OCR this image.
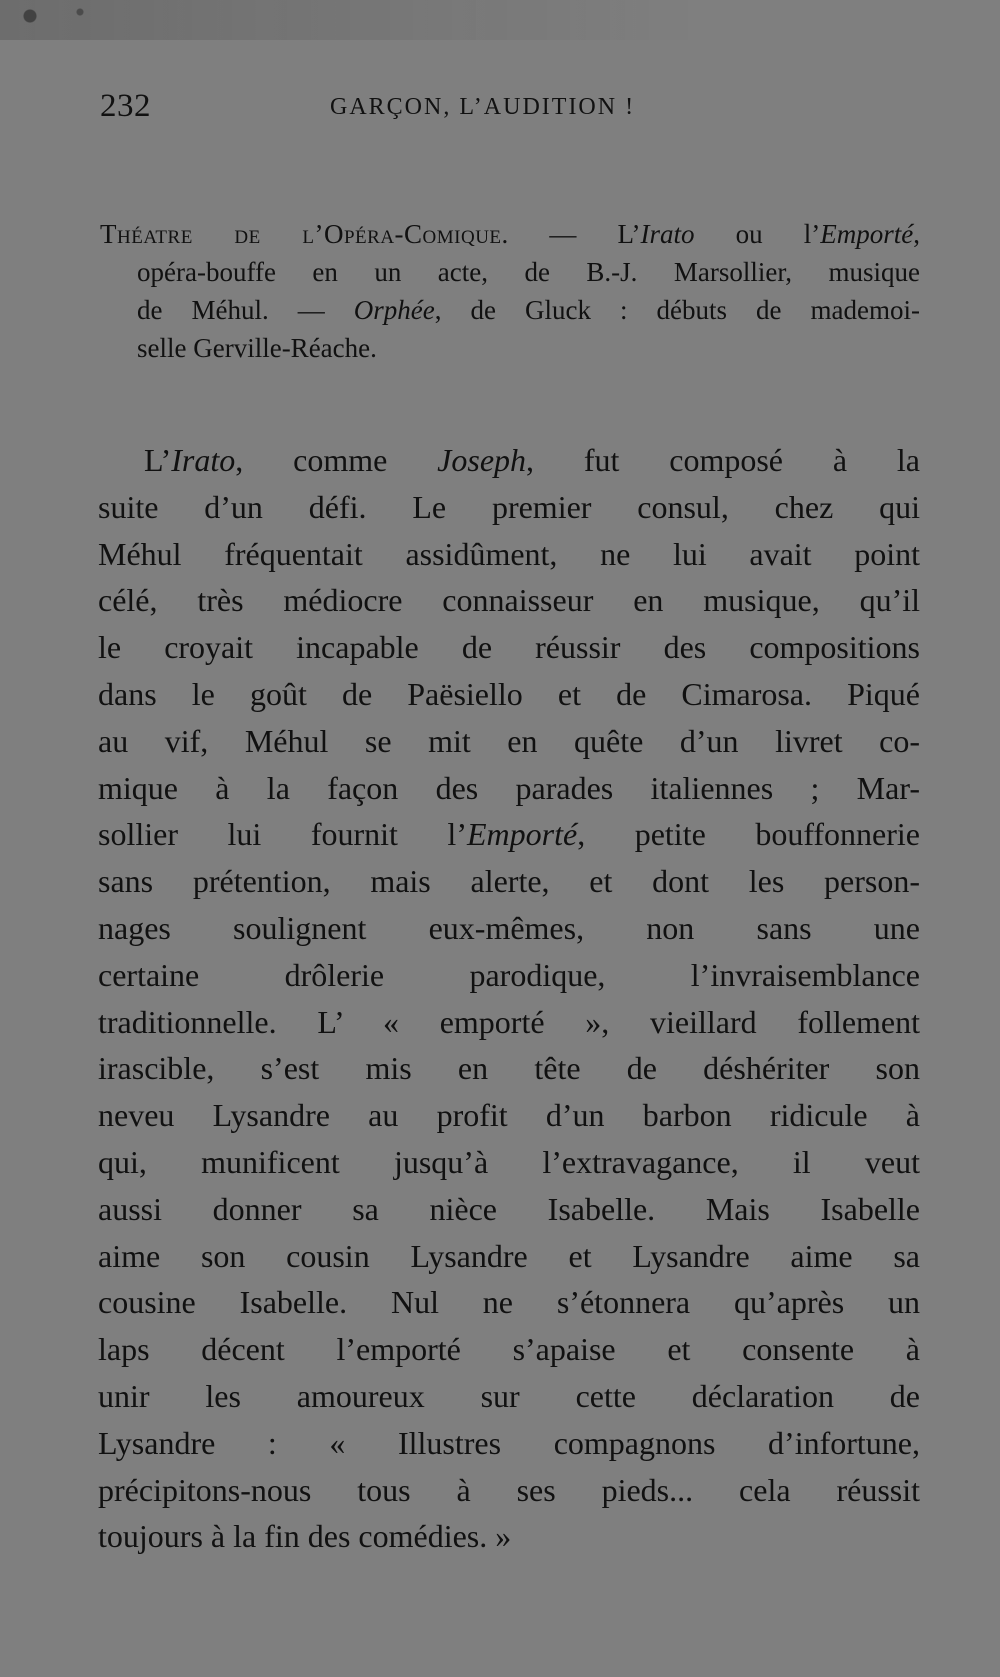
232	GARÇON, L’AUDITION !
Théatre de l’Opéra-Comique. — L’Irato ou l’Emporté,
opéra-bouffe en un acte, de B.-J. Marsollier, musique
de Méhul. — Orphée, de Gluck : débuts de mademoi-
selle Gerville-Réache.
L’Irato, comme Joseph, fut composé à la
suite d’un défi. Le premier consul, chez qui
Méhul fréquentait assidûment, ne lui avait point
célé, très médiocre connaisseur en musique, qu’il
le croyait incapable de réussir des compositions
dans le goût de Paësiello et de Cimarosa. Piqué
au vif, Méhul se mit en quête d’un livret co-
mique à la façon des parades italiennes ; Mar-
sollier lui fournit l’Emporté, petite bouffonnerie
sans prétention, mais alerte, et dont les person-
nages soulignent eux-mêmes, non sans une
certaine drôlerie parodique, l’invraisemblance
traditionnelle. L’ « emporté », vieillard follement
irascible, s’est mis en tête de déshériter son
neveu Lysandre au profit d’un barbon ridicule à
qui, munificent jusqu’à l’extravagance, il veut
aussi donner sa nièce Isabelle. Mais Isabelle
aime son cousin Lysandre et Lysandre aime sa
cousine Isabelle. Nul ne s’étonnera qu’après un
laps décent l’emporté s’apaise et consente à
unir les amoureux sur cette déclaration de
Lysandre : « Illustres compagnons d’infortune,
précipitons-nous tous à ses pieds... cela réussit
toujours à la fin des comédies. »
